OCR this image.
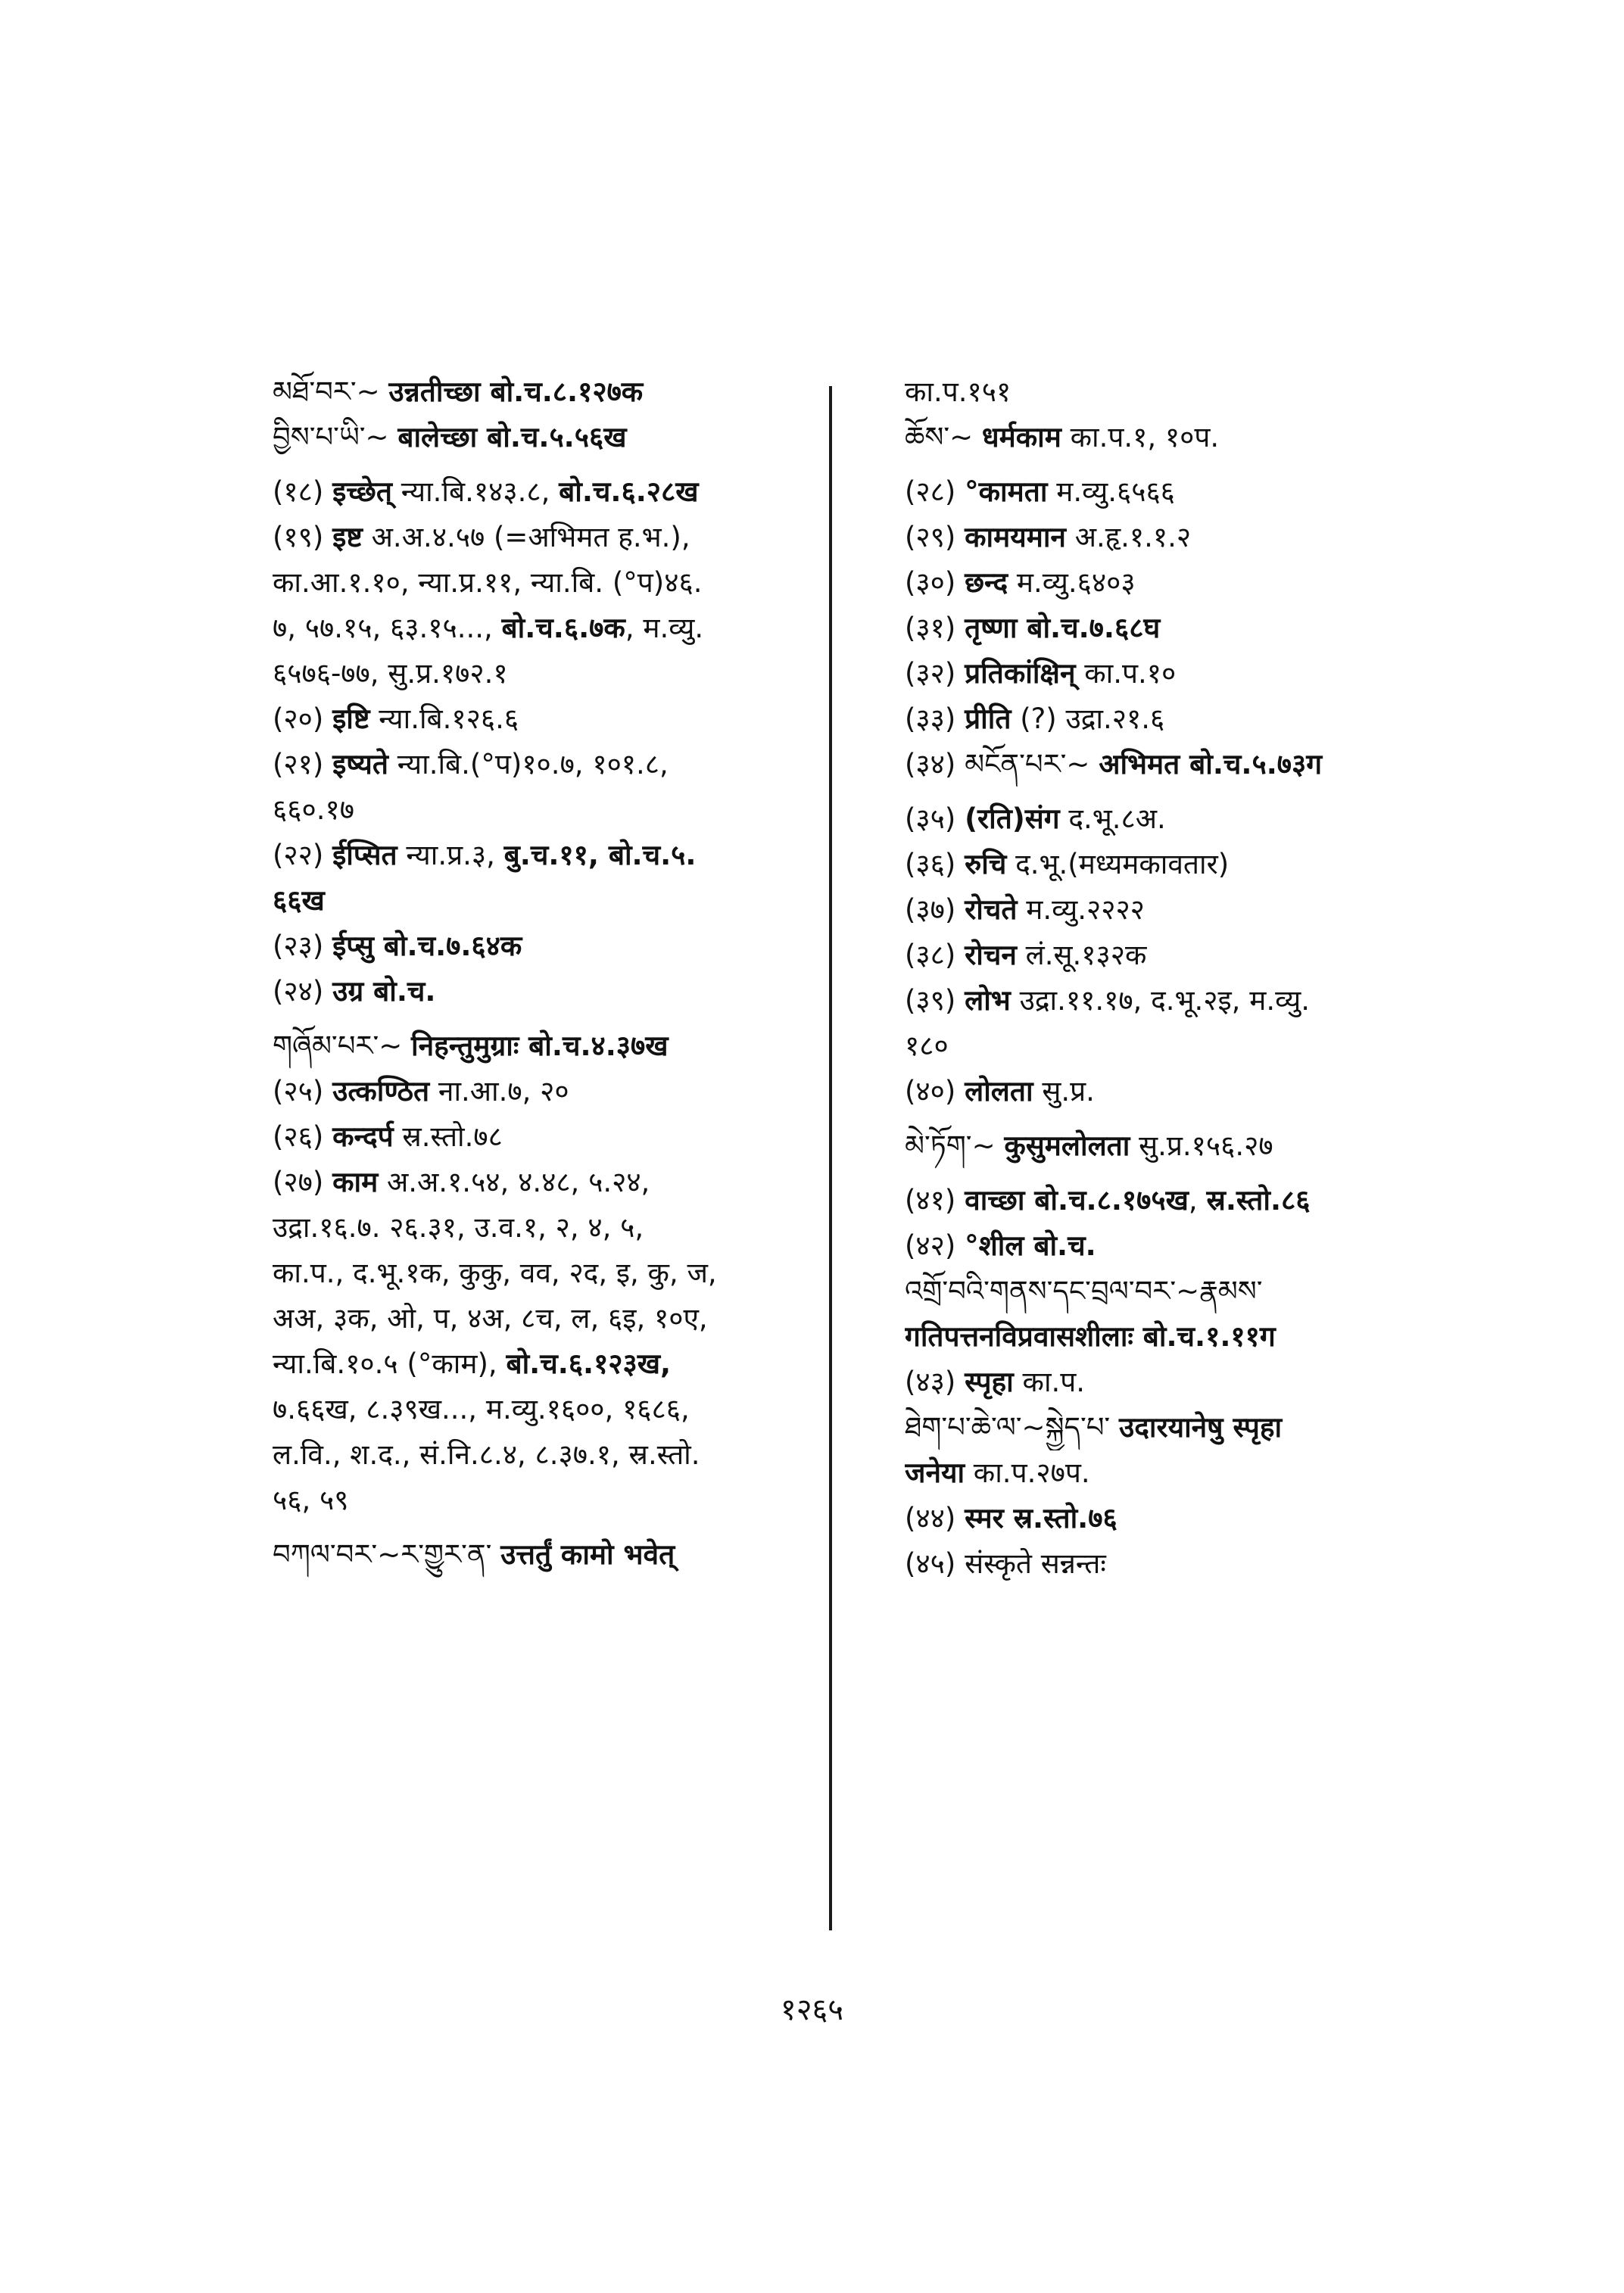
མཐོ་བར་~ उन्नतीच्छा बो.च.८.१२७क
བྱིས་པ་ཡི་~ बालेच्छा बो.च.५.५६ख
(१८) इच्छेत् न्या.बि.१४३.८, बो.च.६.२८ख
(१९) इष्ट अ.अ.४.५७ (=अभिमत ह.भ.),
का.आ.१.१०, न्या.प्र.११, न्या.बि. (°प)४६.
७, ५७.१५, ६३.१५..., बो.च.६.७क, म.व्यु.
६५७६-७७, सु.प्र.१७२.१
(२०) इष्टि न्या.बि.१२६.६
(२१) इष्यते न्या.बि.(°प)१०.७, १०१.८,
६६०.१७
(२२) ईप्सित न्या.प्र.३, बु.च.११, बो.च.५.
६६ख
(२३) ईप्सु बो.च.७.६४क
(२४) उग्र बो.च.
གཞོམ་པར་~ निहन्तुमुग्राः बो.च.४.३७ख
(२५) उत्कण्ठित ना.आ.७, २०
(२६) कन्दर्प स्र.स्तो.७८
(२७) काम अ.अ.१.५४, ४.४८, ५.२४,
उद्रा.१६.७. २६.३१, उ.व.१, २, ४, ५,
का.प., द.भू.१क, कुकु, वव, २द, इ, कु, ज,
अअ, ३क, ओ, प, ४अ, ८च, ल, ६इ, १०ए,
न्या.बि.१०.५ (°काम), बो.च.६.१२३ख,
७.६६ख, ८.३९ख..., म.व्यु.१६००, १६८६,
ल.वि., श.द., सं.नि.८.४, ८.३७.१, स्र.स्तो.
५६, ५९
བཀལ་བར་~ར་གྱུར་ན་ उत्तर्तुं कामो भवेत्
का.प.१५१
ཆོས་~ धर्मकाम का.प.१, १०प.
(२८) °कामता म.व्यु.६५६६
(२९) कामयमान अ.हृ.१.१.२
(३०) छन्द म.व्यु.६४०३
(३१) तृष्णा बो.च.७.६८घ
(३२) प्रतिकांक्षिन् का.प.१०
(३३) प्रीति (?) उद्रा.२१.६
(३४) མངོན་པར་~ अभिमत बो.च.५.७३ग
(३५) (रति)संग द.भू.८अ.
(३६) रुचि द.भू.(मध्यमकावतार)
(३७) रोचते म.व्यु.२२२२
(३८) रोचन लं.सू.१३२क
(३९) लोभ उद्रा.११.१७, द.भू.२इ, म.व्यु.
१८०
(४०) लोलता सु.प्र.
མེ་ཏོག་~ कुसुमलोलता सु.प्र.१५६.२७
(४१) वाच्छा बो.च.८.१७५ख, स्र.स्तो.८६
(४२) °शील बो.च.
འགྲོ་བའི་གནས་དང་བྲལ་བར་~རྣམས་
गतिपत्तनविप्रवासशीलाः बो.च.१.११ग
(४३) स्पृहा का.प.
ཐེག་པ་ཆེ་ལ་~སྐྱེད་པ་ उदारयानेषु स्पृहा
जनेया का.प.२७प.
(४४) स्मर स्र.स्तो.७६
(४५) संस्कृते सन्नन्तः
१२६५
